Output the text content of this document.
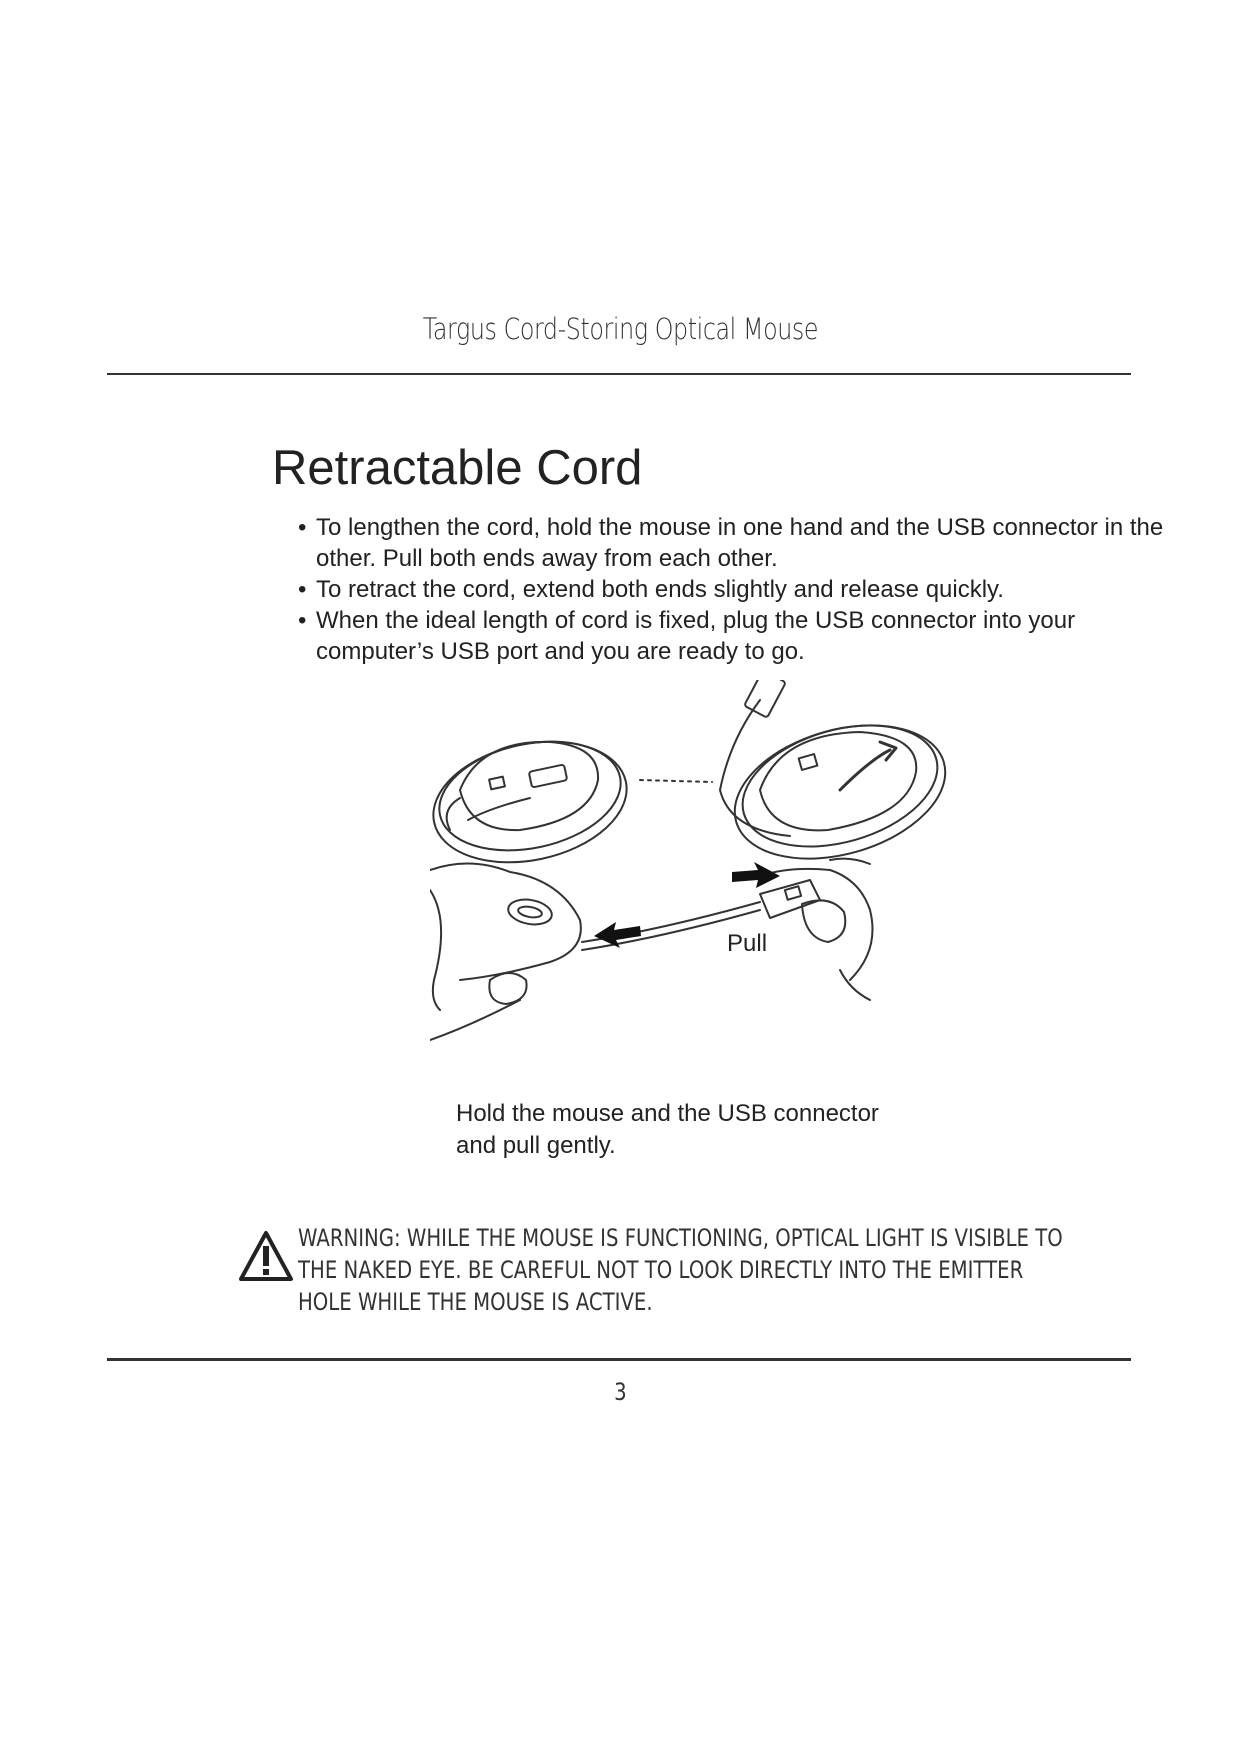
Targus Cord-Storing Optical Mouse
Retractable Cord
• To lengthen the cord, hold the mouse in one hand and the USB connector in the other. Pull both ends away from each other.
• To retract the cord, extend both ends slightly and release quickly.
• When the ideal length of cord is fixed, plug the USB connector into your computer’s USB port and you are ready to go.
Pull
Hold the mouse and the USB connector
and pull gently.
WARNING: WHILE THE MOUSE IS FUNCTIONING, OPTICAL LIGHT IS VISIBLE TO THE NAKED EYE. BE CAREFUL NOT TO LOOK DIRECTLY INTO THE EMITTER HOLE WHILE THE MOUSE IS ACTIVE.
3
